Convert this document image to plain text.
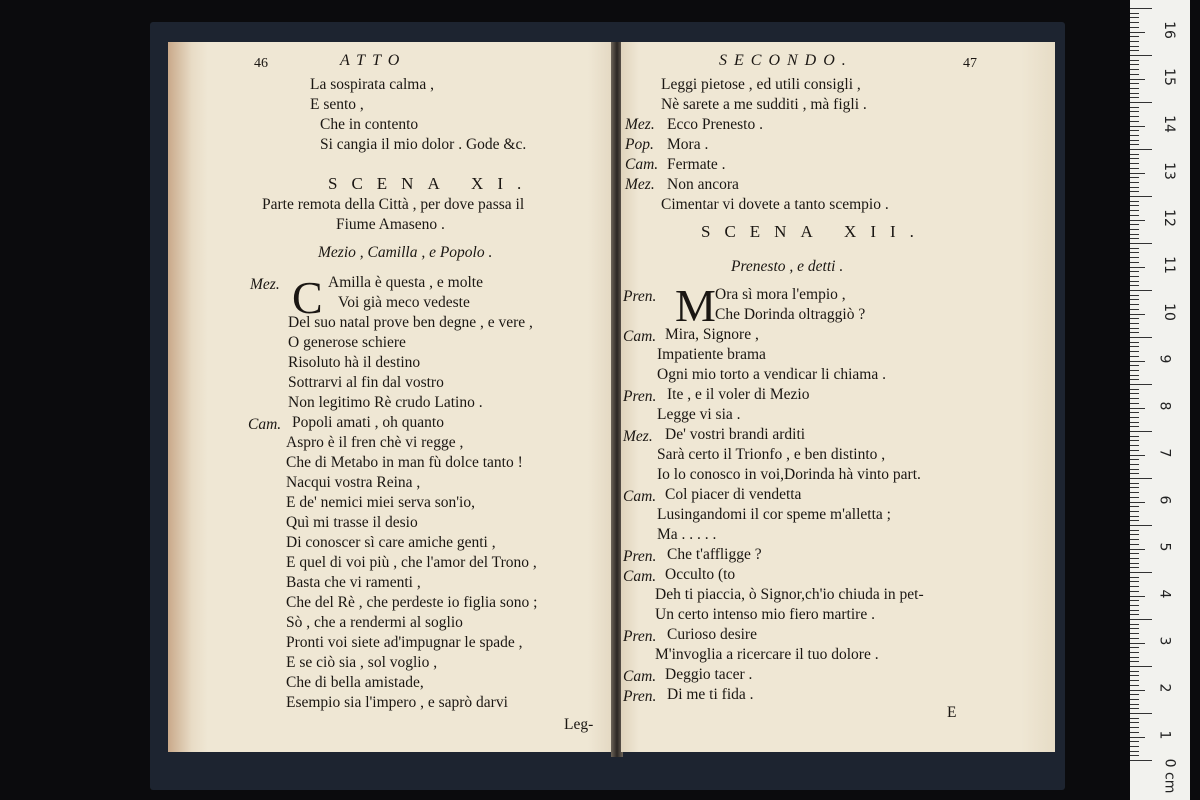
46	ATTO
La sospirata calma ,
E sento ,
Che in contento
Si cangia il mio dolor . Gode &c.
SCENA XI.
Parte remota della Città , per dove passa il
Fiume Amaseno .
Mezio , Camilla , e Popolo .
C
Mez.	Amilla è questa , e molte
Voi già meco vedeste
Del suo natal prove ben degne , e vere ,
O generose schiere
Risoluto hà il destino
Sottrarvi al fin dal vostro
Non legitimo Rè crudo Latino .
Cam. Popoli amati , oh quanto
Aspro è il fren chè vi regge ,
Che di Metabo in man fù dolce tanto !
Nacqui vostra Reina ,
E de' nemici miei serva son'io,
Quì mi trasse il desio
Di conoscer sì care amiche genti ,
E quel di voi più , che l'amor del Trono ,
Basta che vi ramenti ,
Che del Rè , che perdeste io figlia sono ;
Sò , che a rendermi al soglio
Pronti voi siete ad'impugnar le spade ,
E se ciò sia , sol voglio ,
Che di bella amistade,
Esempio sia l'impero , e saprò darvi
Leg-
SECONDO.	47
Leggi pietose , ed utili consigli ,
Nè sarete a me sudditi , mà figli .
Mez. Ecco Prenesto .
Pop. Mora .
Cam. Fermate .
Mez. Non ancora
Cimentar vi dovete a tanto scempio .
SCENA XII.
Prenesto , e detti .
M
Pren.	Ora sì mora l'empio ,
Che Dorinda oltraggiò ?
Cam. Mira, Signore ,
Impatiente brama
Ogni mio torto a vendicar li chiama .
Pren. Ite , e il voler di Mezio
Legge vi sia .
Mez. De' vostri brandi arditi
Sarà certo il Trionfo , e ben distinto ,
Io lo conosco in voi,Dorinda hà vinto part.
Cam. Col piacer di vendetta
Lusingandomi il cor speme m'alletta ;
Ma . . . . .
Pren. Che t'affligge ?
Cam. Occulto (to
Deh ti piaccia, ò Signor,ch'io chiuda in pet-
Un certo intenso mio fiero martire .
Pren. Curioso desire
M'invoglia a ricercare il tuo dolore .
Cam. Deggio tacer .
Pren. Di me ti fida .
E
16
15
14
13
12
11
10
9
8
7
6
5
4
3
2
1
0 cm
